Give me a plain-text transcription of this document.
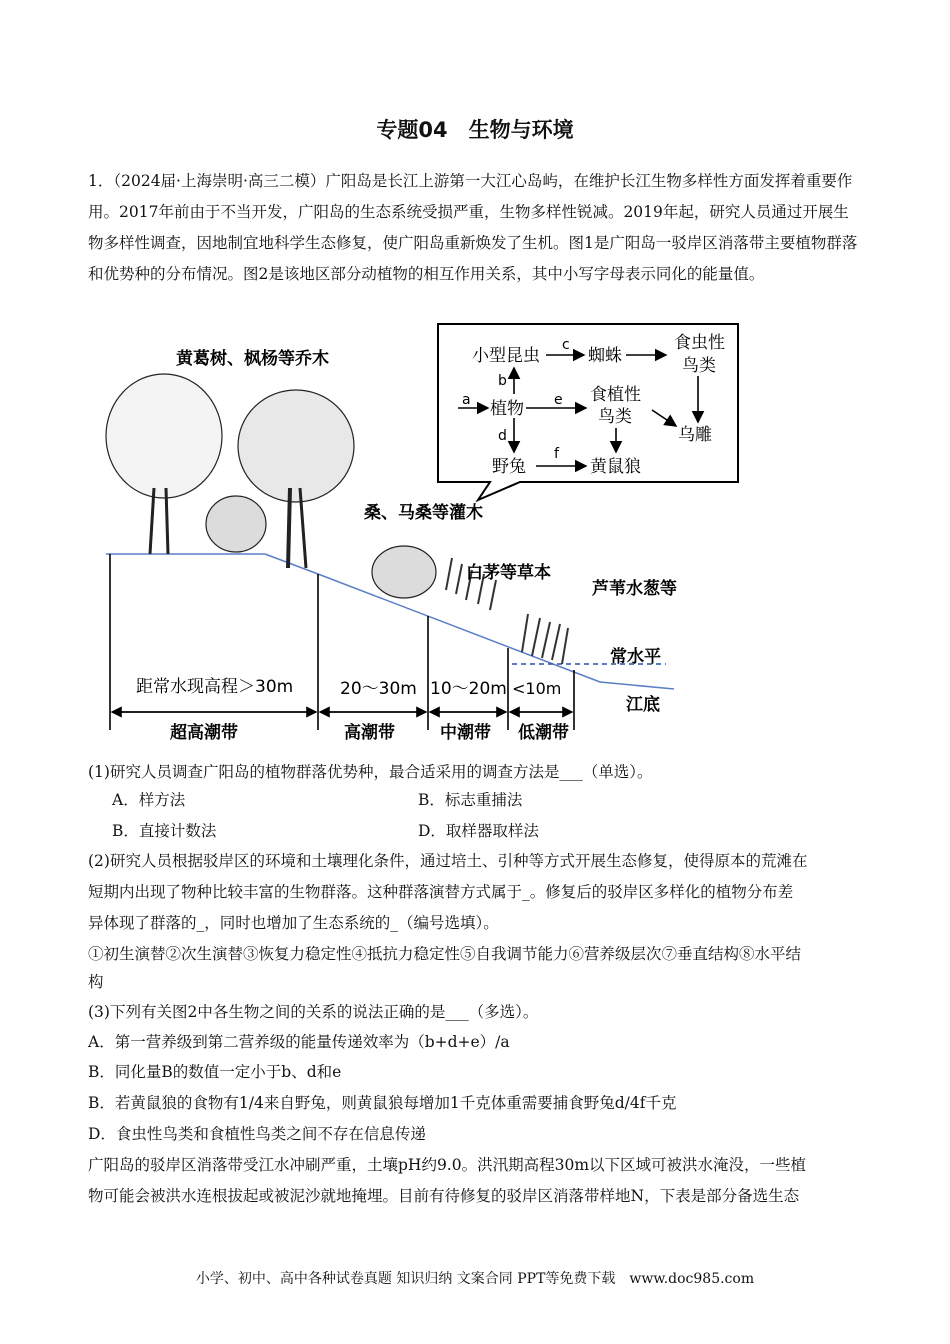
专题04　生物与环境

1．（2024届·上海崇明·高三二模）广阳岛是长江上游第一大江心岛屿，在维护长江生物多样性方面发挥着重要作用。2017年前由于不当开发，广阳岛的生态系统受损严重，生物多样性锐减。2019年起，研究人员通过开展生物多样性调查，因地制宜地科学生态修复，使广阳岛重新焕发了生机。图1是广阳岛一驳岸区消落带主要植物群落和优势种的分布情况。图2是该地区部分动植物的相互作用关系，其中小写字母表示同化的能量值。

小型昆虫	蜘蛛
食虫性
鸟类
植物
食植性
鸟类
乌雕
野兔	黄鼠狼
a
b
c
d
e
f
黄葛树、枫杨等乔木
桑、马桑等灌木
白茅等草本
芦苇水葱等
常水平
江底
距常水现高程＞30m	20～30m 10～20m <10m
超高潮带	高潮带	中潮带 低潮带
(1)研究人员调查广阳岛的植物群落优势种，最合适采用的调查方法是___（单选）。
A．样方法	B．标志重捕法
B．直接计数法	D．取样器取样法
(2)研究人员根据驳岸区的环境和土壤理化条件，通过培土、引种等方式开展生态修复，使得原本的荒滩在
短期内出现了物种比较丰富的生物群落。这种群落演替方式属于_。修复后的驳岸区多样化的植物分布差
异体现了群落的_，同时也增加了生态系统的_（编号选填）。
①初生演替②次生演替③恢复力稳定性④抵抗力稳定性⑤自我调节能力⑥营养级层次⑦垂直结构⑧水平结
构
(3)下列有关图2中各生物之间的关系的说法正确的是___（多选）。
A．第一营养级到第二营养级的能量传递效率为（b+d+e）/a
B．同化量B的数值一定小于b、d和e
B．若黄鼠狼的食物有1/4来自野兔，则黄鼠狼每增加1千克体重需要捕食野兔d/4f千克
D．食虫性鸟类和食植性鸟类之间不存在信息传递
广阳岛的驳岸区消落带受江水冲刷严重，土壤pH约9.0。洪汛期高程30m以下区域可被洪水淹没，一些植
物可能会被洪水连根拔起或被泥沙就地掩埋。目前有待修复的驳岸区消落带样地N，下表是部分备选生态
小学、初中、高中各种试卷真题 知识归纳 文案合同 PPT等免费下载　www.doc985.com
